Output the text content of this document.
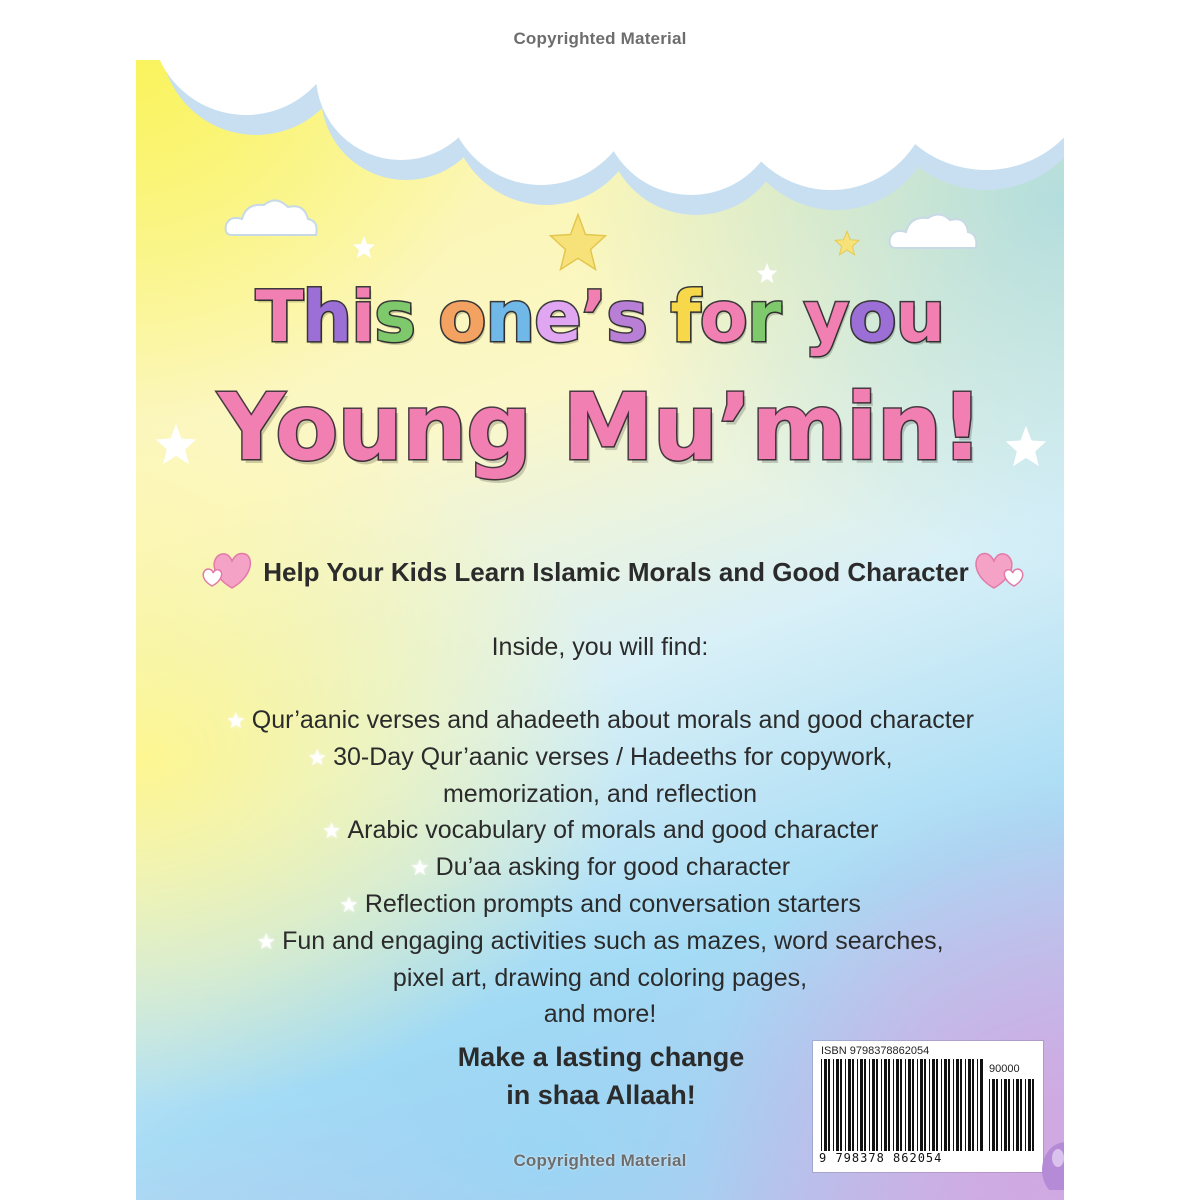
Copyrighted Material
This one’s for you
Young Mu’min!
Help Your Kids Learn Islamic Morals and Good Character
Inside, you will find:
★ Qur’aanic verses and ahadeeth about morals and good character
★ 30-Day Qur’aanic verses / Hadeeths for copywork,
memorization, and reflection
★ Arabic vocabulary of morals and good character
★ Du’aa asking for good character
★ Reflection prompts and conversation starters
★ Fun and engaging activities such as mazes, word searches,
pixel art, drawing and coloring pages,
and more!
Make a lasting change
in shaa Allaah!
ISBN 9798378862054
90000
9 798378 862054
Copyrighted Material
